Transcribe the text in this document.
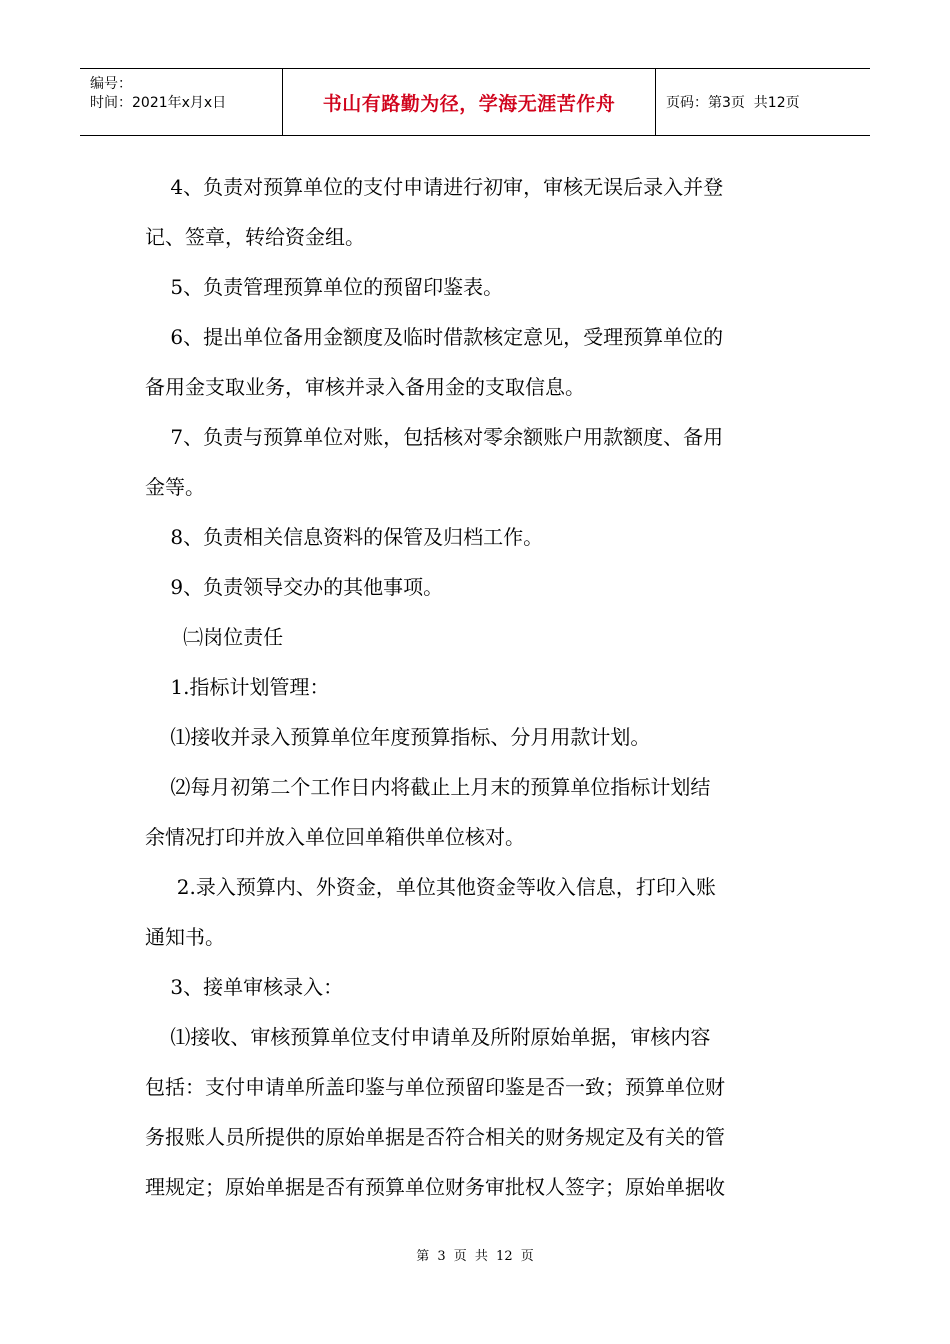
编号：
时间：2021年x月x日	书山有路勤为径，学海无涯苦作舟	页码：第3页  共12页

4、负责对预算单位的支付申请进行初审，审核无误后录入并登

记、签章，转给资金组。

5、负责管理预算单位的预留印鉴表。

6、提出单位备用金额度及临时借款核定意见，受理预算单位的

备用金支取业务，审核并录入备用金的支取信息。

7、负责与预算单位对账，包括核对零余额账户用款额度、备用

金等。

8、负责相关信息资料的保管及归档工作。

9、负责领导交办的其他事项。

㈡岗位责任

1.指标计划管理：

⑴接收并录入预算单位年度预算指标、分月用款计划。

⑵每月初第二个工作日内将截止上月末的预算单位指标计划结

余情况打印并放入单位回单箱供单位核对。

2.录入预算内、外资金，单位其他资金等收入信息，打印入账

通知书。

3、接单审核录入：

⑴接收、审核预算单位支付申请单及所附原始单据，审核内容

包括：支付申请单所盖印鉴与单位预留印鉴是否一致；预算单位财

务报账人员所提供的原始单据是否符合相关的财务规定及有关的管

理规定；原始单据是否有预算单位财务审批权人签字；原始单据收

第 3 页 共 12 页
